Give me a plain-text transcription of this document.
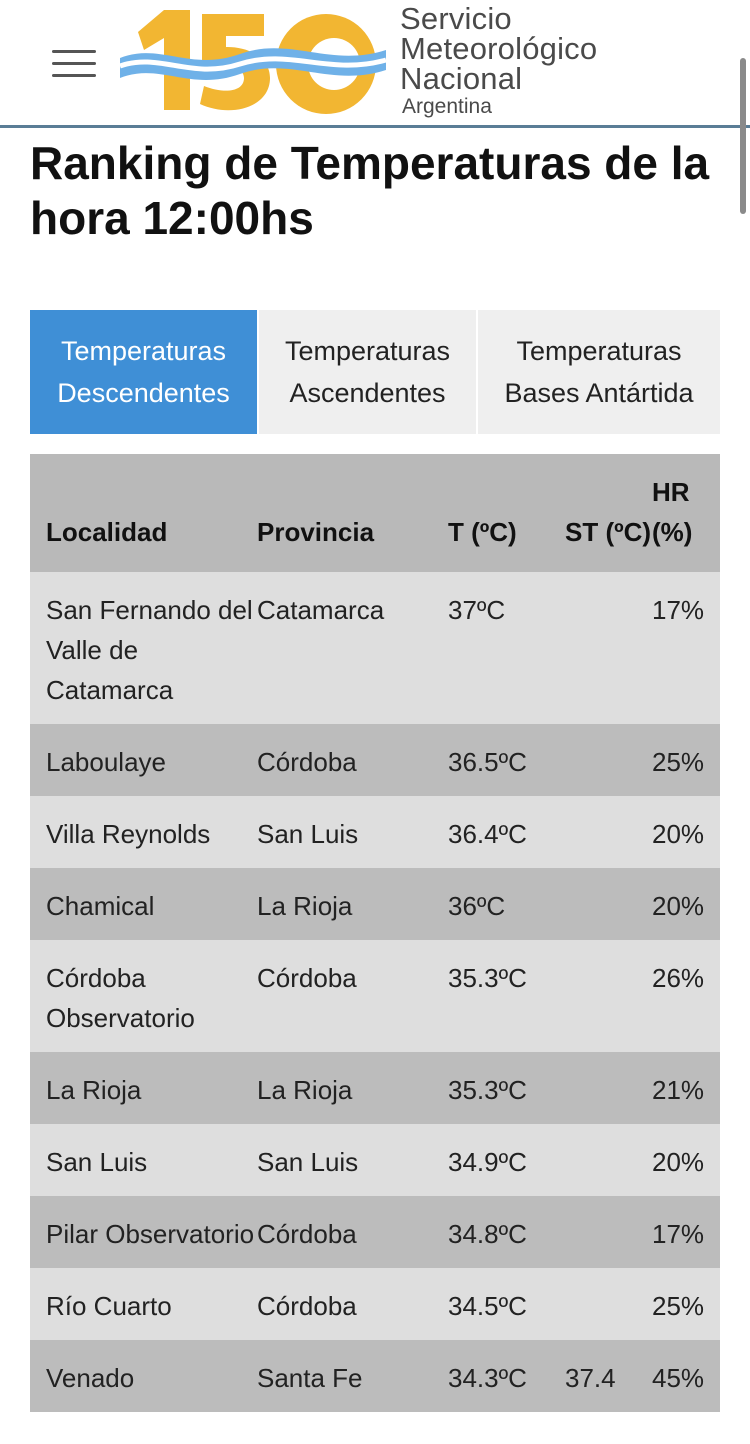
Servicio
Meteorológico
Nacional
Argentina
Ranking de Temperaturas de la hora 12:00hs
Temperaturas Descendentes
Temperaturas Ascendentes
Temperaturas Bases Antártida
Localidad	Provincia	T (ºC)	ST (ºC)	HR (%)
San Fernando del Valle de Catamarca	Catamarca	37ºC		17%
Laboulaye	Córdoba	36.5ºC		25%
Villa Reynolds	San Luis	36.4ºC		20%
Chamical	La Rioja	36ºC		20%
Córdoba Observatorio	Córdoba	35.3ºC		26%
La Rioja	La Rioja	35.3ºC		21%
San Luis	San Luis	34.9ºC		20%
Pilar Observatorio	Córdoba	34.8ºC		17%
Río Cuarto	Córdoba	34.5ºC		25%
Venado	Santa Fe	34.3ºC	37.4	45%
